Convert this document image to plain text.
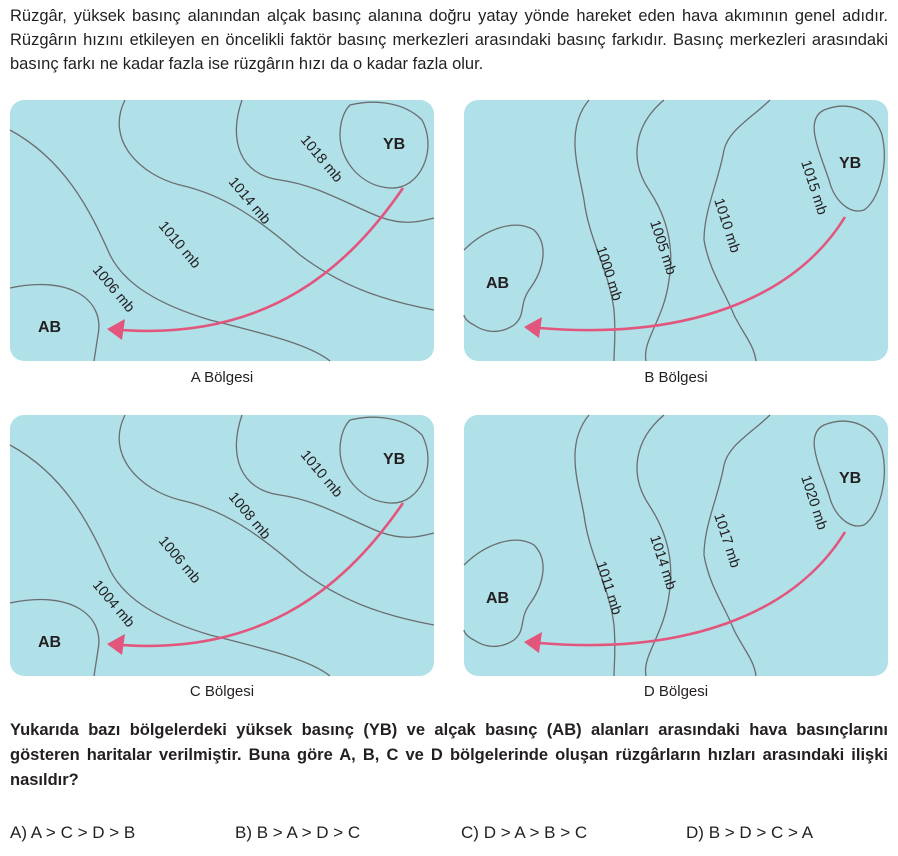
Rüzgâr, yüksek basınç alanından alçak basınç alanına doğru yatay yönde hareket eden hava akımının genel adıdır. Rüzgârın hızını etkileyen en öncelikli faktör basınç merkezleri arasındaki basınç farkıdır. Basınç merkezleri arasındaki basınç farkı ne kadar fazla ise rüzgârın hızı da o kadar fazla olur.

YB
AB
1006 mb
1010 mb
1014 mb
1018 mb
A Bölgesi
YB
AB	1000 mb 1005 mb 1010 mb
1015 mb
B Bölgesi
YB
AB
1004 mb
1006 mb
1008 mb
1010 mb
C Bölgesi
YB
AB	1011 mb 1014 mb 1017 mb
1020 mb
D Bölgesi

Yukarıda bazı bölgelerdeki yüksek basınç (YB) ve alçak basınç (AB) alanları arasındaki hava basınçlarını gösteren haritalar verilmiştir. Buna göre A, B, C ve D bölgelerinde oluşan rüzgârların hızları arasındaki ilişki nasıldır?

A) A > C > D > B	B) B > A > D > C	C) D > A > B > C	D) B > D > C > A
